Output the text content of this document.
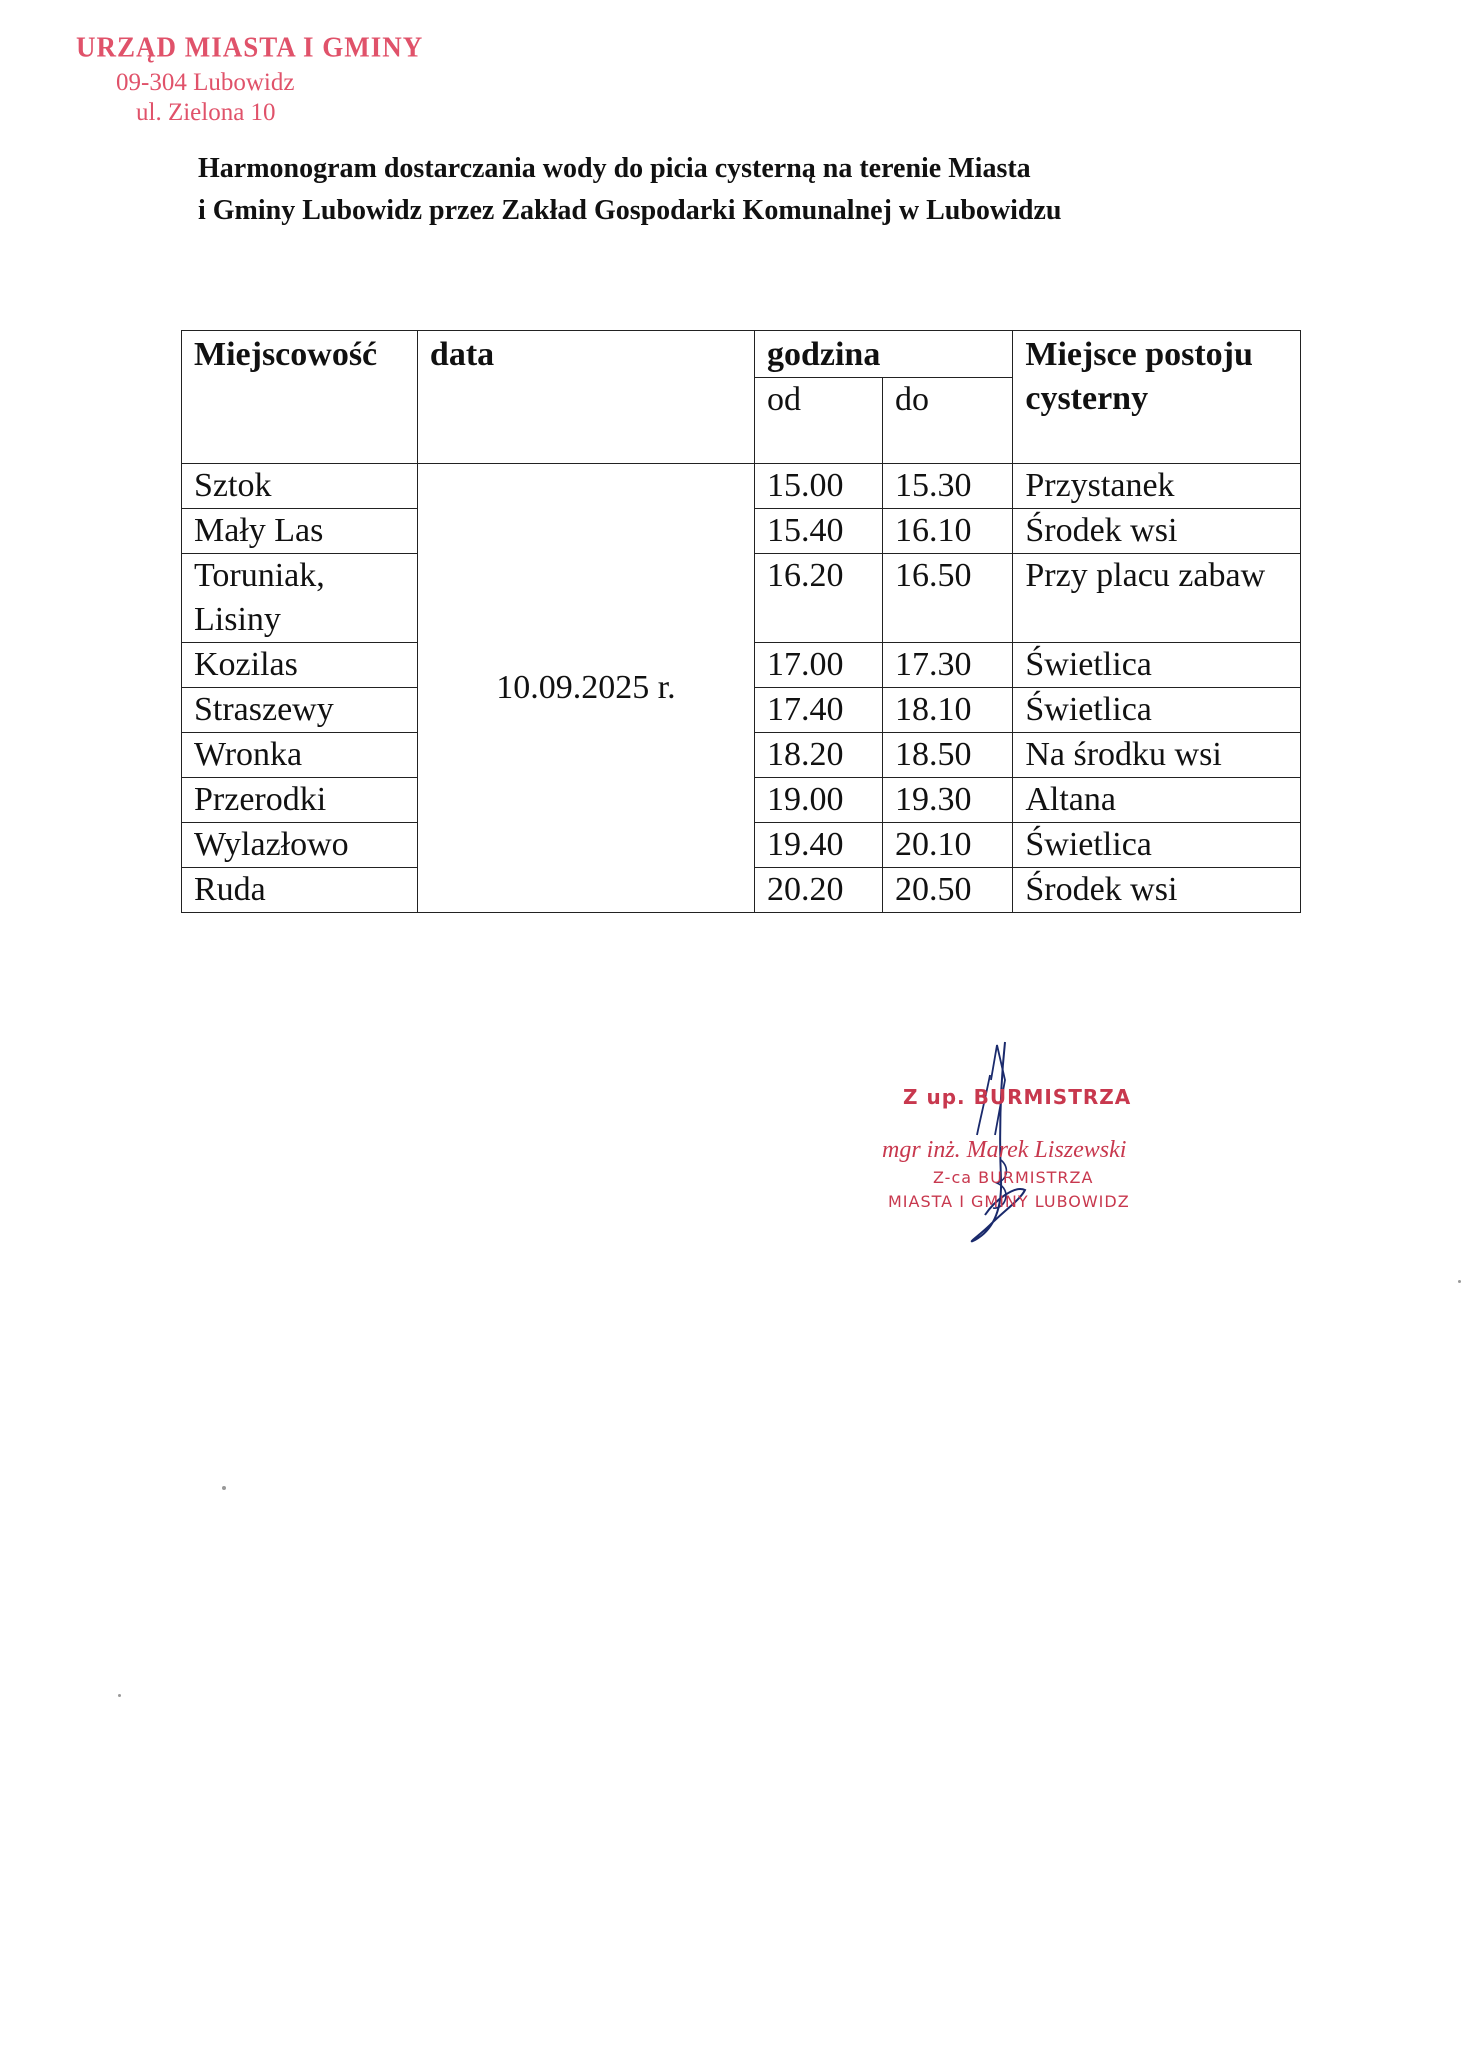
URZĄD MIASTA I GMINY
09-304 Lubowidz
ul. Zielona 10
Harmonogram dostarczania wody do picia cysterną na terenie Miasta
i Gminy Lubowidz przez Zakład Gospodarki Komunalnej w Lubowidzu
Miejscowość	data	godzina		Miejsce postoju cysterny
		od	do	
Sztok	10.09.2025 r.	15.00	15.30	Przystanek
Mały Las		15.40	16.10	Środek wsi
Toruniak, Lisiny		16.20	16.50	Przy placu zabaw
Kozilas		17.00	17.30	Świetlica
Straszewy		17.40	18.10	Świetlica
Wronka		18.20	18.50	Na środku wsi
Przerodki		19.00	19.30	Altana
Wylazłowo		19.40	20.10	Świetlica
Ruda		20.20	20.50	Środek wsi
Z up. BURMISTRZA
mgr inż. Marek Liszewski
Z-ca BURMISTRZA
MIASTA I GMINY LUBOWIDZ
